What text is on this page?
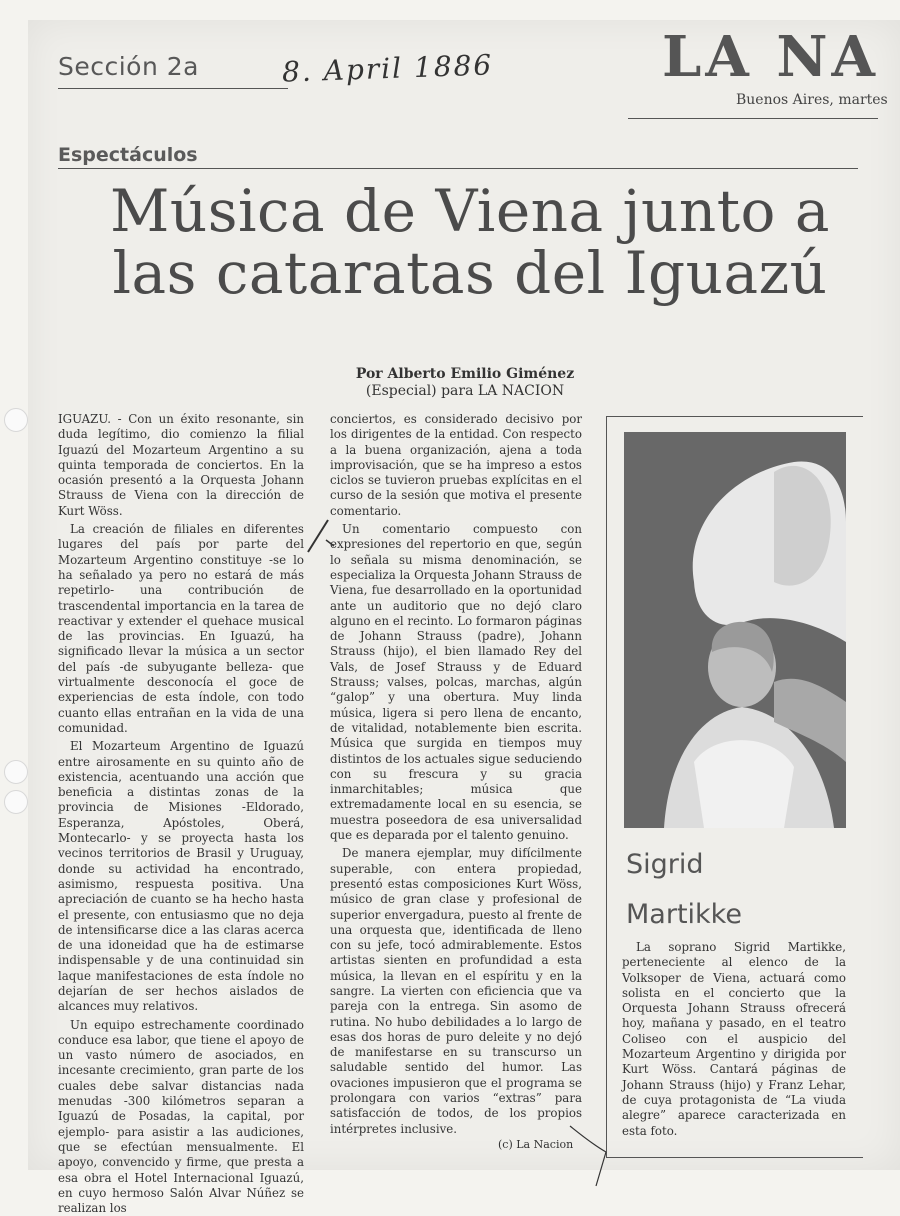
Sección 2a	8. April 1886	LA NA
Buenos Aires, martes
Espectáculos
Música de Viena junto a
las cataratas del Iguazú
Por Alberto Emilio Giménez
(Especial) para LA NACION

IGUAZU. - Con un éxito resonante, sin duda legítimo, dio comienzo la filial Iguazú del Mozarteum Argentino a su quinta temporada de conciertos. En la ocasión presentó a la Orquesta Johann Strauss de Viena con la dirección de Kurt Wöss.

La creación de filiales en diferentes lugares del país por parte del Mozarteum Argentino constituye -se lo ha señalado ya pero no estará de más repetirlo- una contribución de trascendental importancia en la tarea de reactivar y extender el quehace musical de las provincias. En Iguazú, ha significado llevar la música a un sector del país -de subyugante belleza- que virtualmente desconocía el goce de experiencias de esta índole, con todo cuanto ellas entrañan en la vida de una comunidad.

El Mozarteum Argentino de Iguazú entre airosamente en su quinto año de existencia, acentuando una acción que beneficia a distintas zonas de la provincia de Misiones -Eldorado, Esperanza, Apóstoles, Oberá, Montecarlo- y se proyecta hasta los vecinos territorios de Brasil y Uruguay, donde su actividad ha encontrado, asimismo, respuesta positiva. Una apreciación de cuanto se ha hecho hasta el presente, con entusiasmo que no deja de intensificarse dice a las claras acerca de una idoneidad que ha de estimarse indispensable y de una continuidad sin laque manifestaciones de esta índole no dejarían de ser hechos aislados de alcances muy relativos.

Un equipo estrechamente coordinado conduce esa labor, que tiene el apoyo de un vasto número de asociados, en incesante crecimiento, gran parte de los cuales debe salvar distancias nada menudas -300 kilómetros separan a Iguazú de Posadas, la capital, por ejemplo- para asistir a las audiciones, que se efectúan mensualmente. El apoyo, convencido y firme, que presta a esa obra el Hotel Internacional Iguazú, en cuyo hermoso Salón Alvar Núñez se realizan los

conciertos, es considerado decisivo por los dirigentes de la entidad. Con respecto a la buena organización, ajena a toda improvisación, que se ha impreso a estos ciclos se tuvieron pruebas explícitas en el curso de la sesión que motiva el presente comentario.

Un comentario compuesto con expresiones del repertorio en que, según lo señala su misma denominación, se especializa la Orquesta Johann Strauss de Viena, fue desarrollado en la oportunidad ante un auditorio que no dejó claro alguno en el recinto. Lo formaron páginas de Johann Strauss (padre), Johann Strauss (hijo), el bien llamado Rey del Vals, de Josef Strauss y de Eduard Strauss; valses, polcas, marchas, algún “galop” y una obertura. Muy linda música, ligera si pero llena de encanto, de vitalidad, notablemente bien escrita. Música que surgida en tiempos muy distintos de los actuales sigue seduciendo con su frescura y su gracia inmarchitables; música que extremadamente local en su esencia, se muestra poseedora de esa universalidad que es deparada por el talento genuino.

De manera ejemplar, muy difícilmente superable, con entera propiedad, presentó estas composiciones Kurt Wöss, músico de gran clase y profesional de superior envergadura, puesto al frente de una orquesta que, identificada de lleno con su jefe, tocó admirablemente. Estos artistas sienten en profundidad a esta música, la llevan en el espíritu y en la sangre. La vierten con eficiencia que va pareja con la entrega. Sin asomo de rutina. No hubo debilidades a lo largo de esas dos horas de puro deleite y no dejó de manifestarse en su transcurso un saludable sentido del humor. Las ovaciones impusieron que el programa se prolongara con varios “extras” para satisfacción de todos, de los propios intérpretes inclusive.

(c) La Nacion
Sigrid
Martikke
La soprano Sigrid Martikke, perteneciente al elenco de la Volksoper de Viena, actuará como solista en el concierto que la Orquesta Johann Strauss ofrecerá hoy, mañana y pasado, en el teatro Coliseo con el auspicio del Mozarteum Argentino y dirigida por Kurt Wöss. Cantará páginas de Johann Strauss (hijo) y Franz Lehar, de cuya protagonista de “La viuda alegre” aparece caracterizada en esta foto.
